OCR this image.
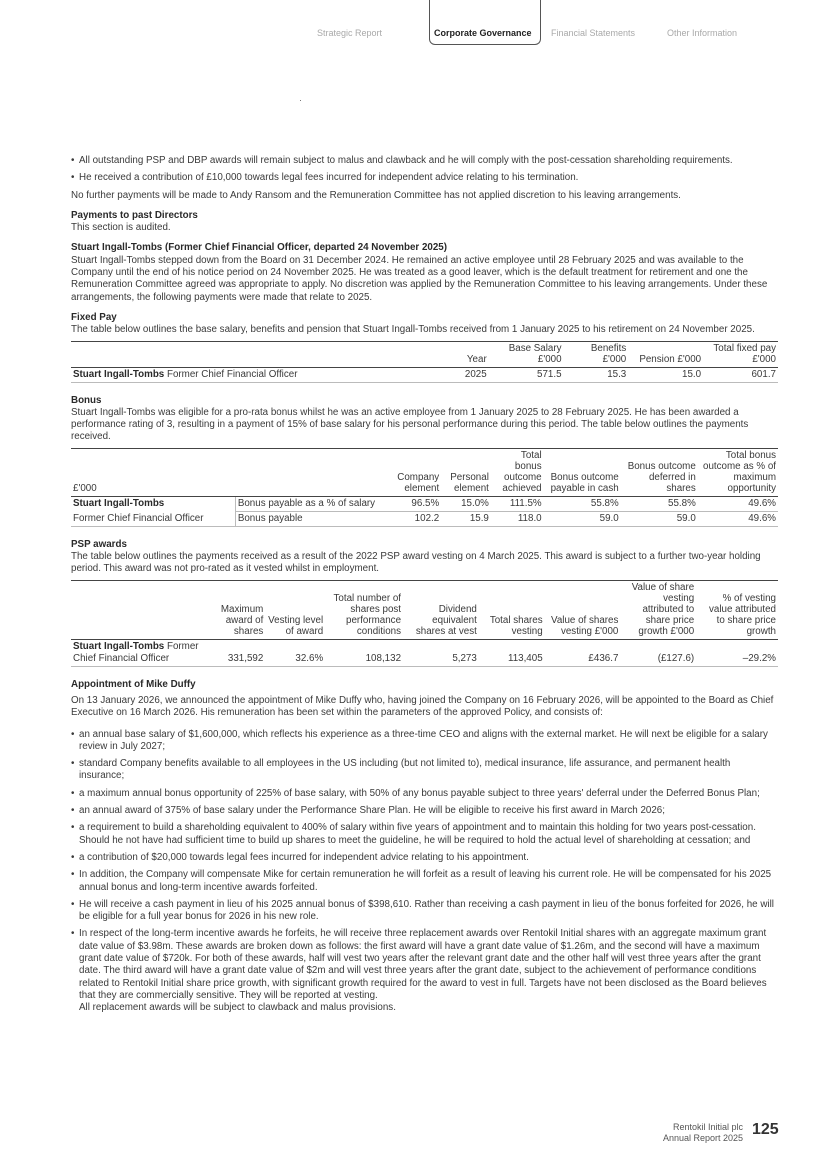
Strategic Report	Corporate Governance	Financial Statements	Other Information
• All outstanding PSP and DBP awards will remain subject to malus and clawback and he will comply with the post-cessation shareholding requirements.
• He received a contribution of £10,000 towards legal fees incurred for independent advice relating to his termination.

No further payments will be made to Andy Ransom and the Remuneration Committee has not applied discretion to his leaving arrangements.

Payments to past Directors

This section is audited.

Stuart Ingall-Tombs (Former Chief Financial Officer, departed 24 November 2025)

Stuart Ingall-Tombs stepped down from the Board on 31 December 2024. He remained an active employee until 28 February 2025 and was available to the Company until the end of his notice period on 24 November 2025. He was treated as a good leaver, which is the default treatment for retirement and one the Remuneration Committee agreed was appropriate to apply. No discretion was applied by the Remuneration Committee to his leaving arrangements. Under these arrangements, the following payments were made that relate to 2025.

Fixed Pay

The table below outlines the base salary, benefits and pension that Stuart Ingall-Tombs received from 1 January 2025 to his retirement on 24 November 2025.

	Year	Base Salary £'000	Benefits £'000	Pension £'000	Total fixed pay £'000
Stuart Ingall-Tombs Former Chief Financial Officer	2025	571.5	15.3	15.0	601.7
Bonus

Stuart Ingall-Tombs was eligible for a pro-rata bonus whilst he was an active employee from 1 January 2025 to 28 February 2025. He has been awarded a performance rating of 3, resulting in a payment of 15% of base salary for his personal performance during this period. The table below outlines the payments received.

£'000		Company element	Personal element	Total bonus outcome achieved	Bonus outcome payable in cash	Bonus outcome deferred in shares	Total bonus outcome as % of maximum opportunity
Stuart Ingall-Tombs	Bonus payable as a % of salary	96.5%	15.0%	111.5%	55.8%	55.8%	49.6%
Former Chief Financial Officer	Bonus payable	102.2	15.9	118.0	59.0	59.0	49.6%
PSP awards

The table below outlines the payments received as a result of the 2022 PSP award vesting on 4 March 2025. This award is subject to a further two-year holding period. This award was not pro-rated as it vested whilst in employment.

	Maximum award of shares	Vesting level of award	Total number of shares post performance conditions	Dividend equivalent shares at vest	Total shares vesting	Value of shares vesting £'000	Value of share vesting attributed to share price growth £'000	% of vesting value attributed to share price growth
Stuart Ingall-Tombs Former
Chief Financial Officer	331,592	32.6%	108,132	5,273	113,405	£436.7	(£127.6)	–29.2%
Appointment of Mike Duffy

On 13 January 2026, we announced the appointment of Mike Duffy who, having joined the Company on 16 February 2026, will be appointed to the Board as Chief Executive on 16 March 2026. His remuneration has been set within the parameters of the approved Policy, and consists of:

• an annual base salary of $1,600,000, which reflects his experience as a three-time CEO and aligns with the external market. He will next be eligible for a salary review in July 2027;
• standard Company benefits available to all employees in the US including (but not limited to), medical insurance, life assurance, and permanent health insurance;
• a maximum annual bonus opportunity of 225% of base salary, with 50% of any bonus payable subject to three years' deferral under the Deferred Bonus Plan;
• an annual award of 375% of base salary under the Performance Share Plan. He will be eligible to receive his first award in March 2026;
• a requirement to build a shareholding equivalent to 400% of salary within five years of appointment and to maintain this holding for two years post-cessation. Should he not have had sufficient time to build up shares to meet the guideline, he will be required to hold the actual level of shareholding at cessation; and
• a contribution of $20,000 towards legal fees incurred for independent advice relating to his appointment.
• In addition, the Company will compensate Mike for certain remuneration he will forfeit as a result of leaving his current role. He will be compensated for his 2025 annual bonus and long-term incentive awards forfeited.
• He will receive a cash payment in lieu of his 2025 annual bonus of $398,610. Rather than receiving a cash payment in lieu of the bonus forfeited for 2026, he will be eligible for a full year bonus for 2026 in his new role.
• In respect of the long-term incentive awards he forfeits, he will receive three replacement awards over Rentokil Initial shares with an aggregate maximum grant date value of $3.98m. These awards are broken down as follows: the first award will have a grant date value of $1.26m, and the second will have a maximum grant date value of $720k. For both of these awards, half will vest two years after the relevant grant date and the other half will vest three years after the grant date. The third award will have a grant date value of $2m and will vest three years after the grant date, subject to the achievement of performance conditions related to Rentokil Initial share price growth, with significant growth required for the award to vest in full. Targets have not been disclosed as the Board believes that they are commercially sensitive. They will be reported at vesting.
All replacement awards will be subject to clawback and malus provisions.
Rentokil Initial plc
Annual Report 2025 125
